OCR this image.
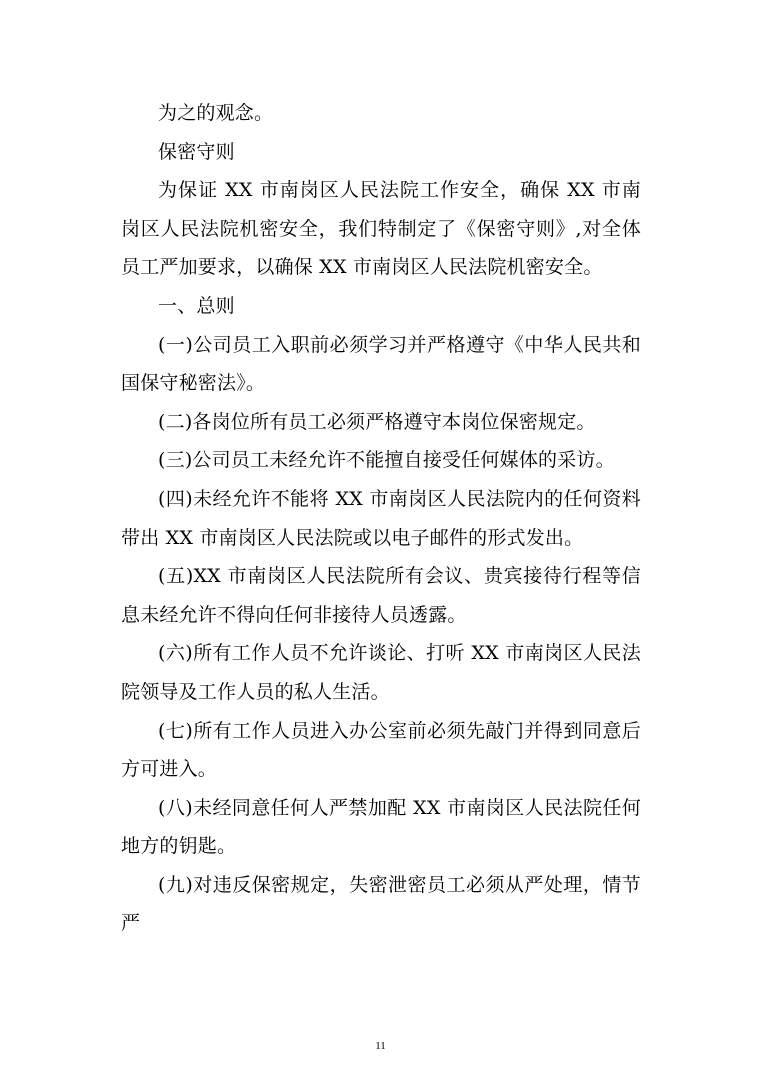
为之的观念。

保密守则

为保证 XX 市南岗区人民法院工作安全，确保 XX 市南岗区人民法院机密安全，我们特制定了《保密守则》,对全体员工严加要求，以确保 XX 市南岗区人民法院机密安全。

一、总则

(一)公司员工入职前必须学习并严格遵守《中华人民共和国保守秘密法》。

(二)各岗位所有员工必须严格遵守本岗位保密规定。

(三)公司员工未经允许不能擅自接受任何媒体的采访。

(四)未经允许不能将 XX 市南岗区人民法院内的任何资料带出 XX 市南岗区人民法院或以电子邮件的形式发出。

(五)XX 市南岗区人民法院所有会议、贵宾接待行程等信息未经允许不得向任何非接待人员透露。

(六)所有工作人员不允许谈论、打听 XX 市南岗区人民法院领导及工作人员的私人生活。

(七)所有工作人员进入办公室前必须先敲门并得到同意后方可进入。

(八)未经同意任何人严禁加配 XX 市南岗区人民法院任何地方的钥匙。

(九)对违反保密规定，失密泄密员工必须从严处理，情节严

11
